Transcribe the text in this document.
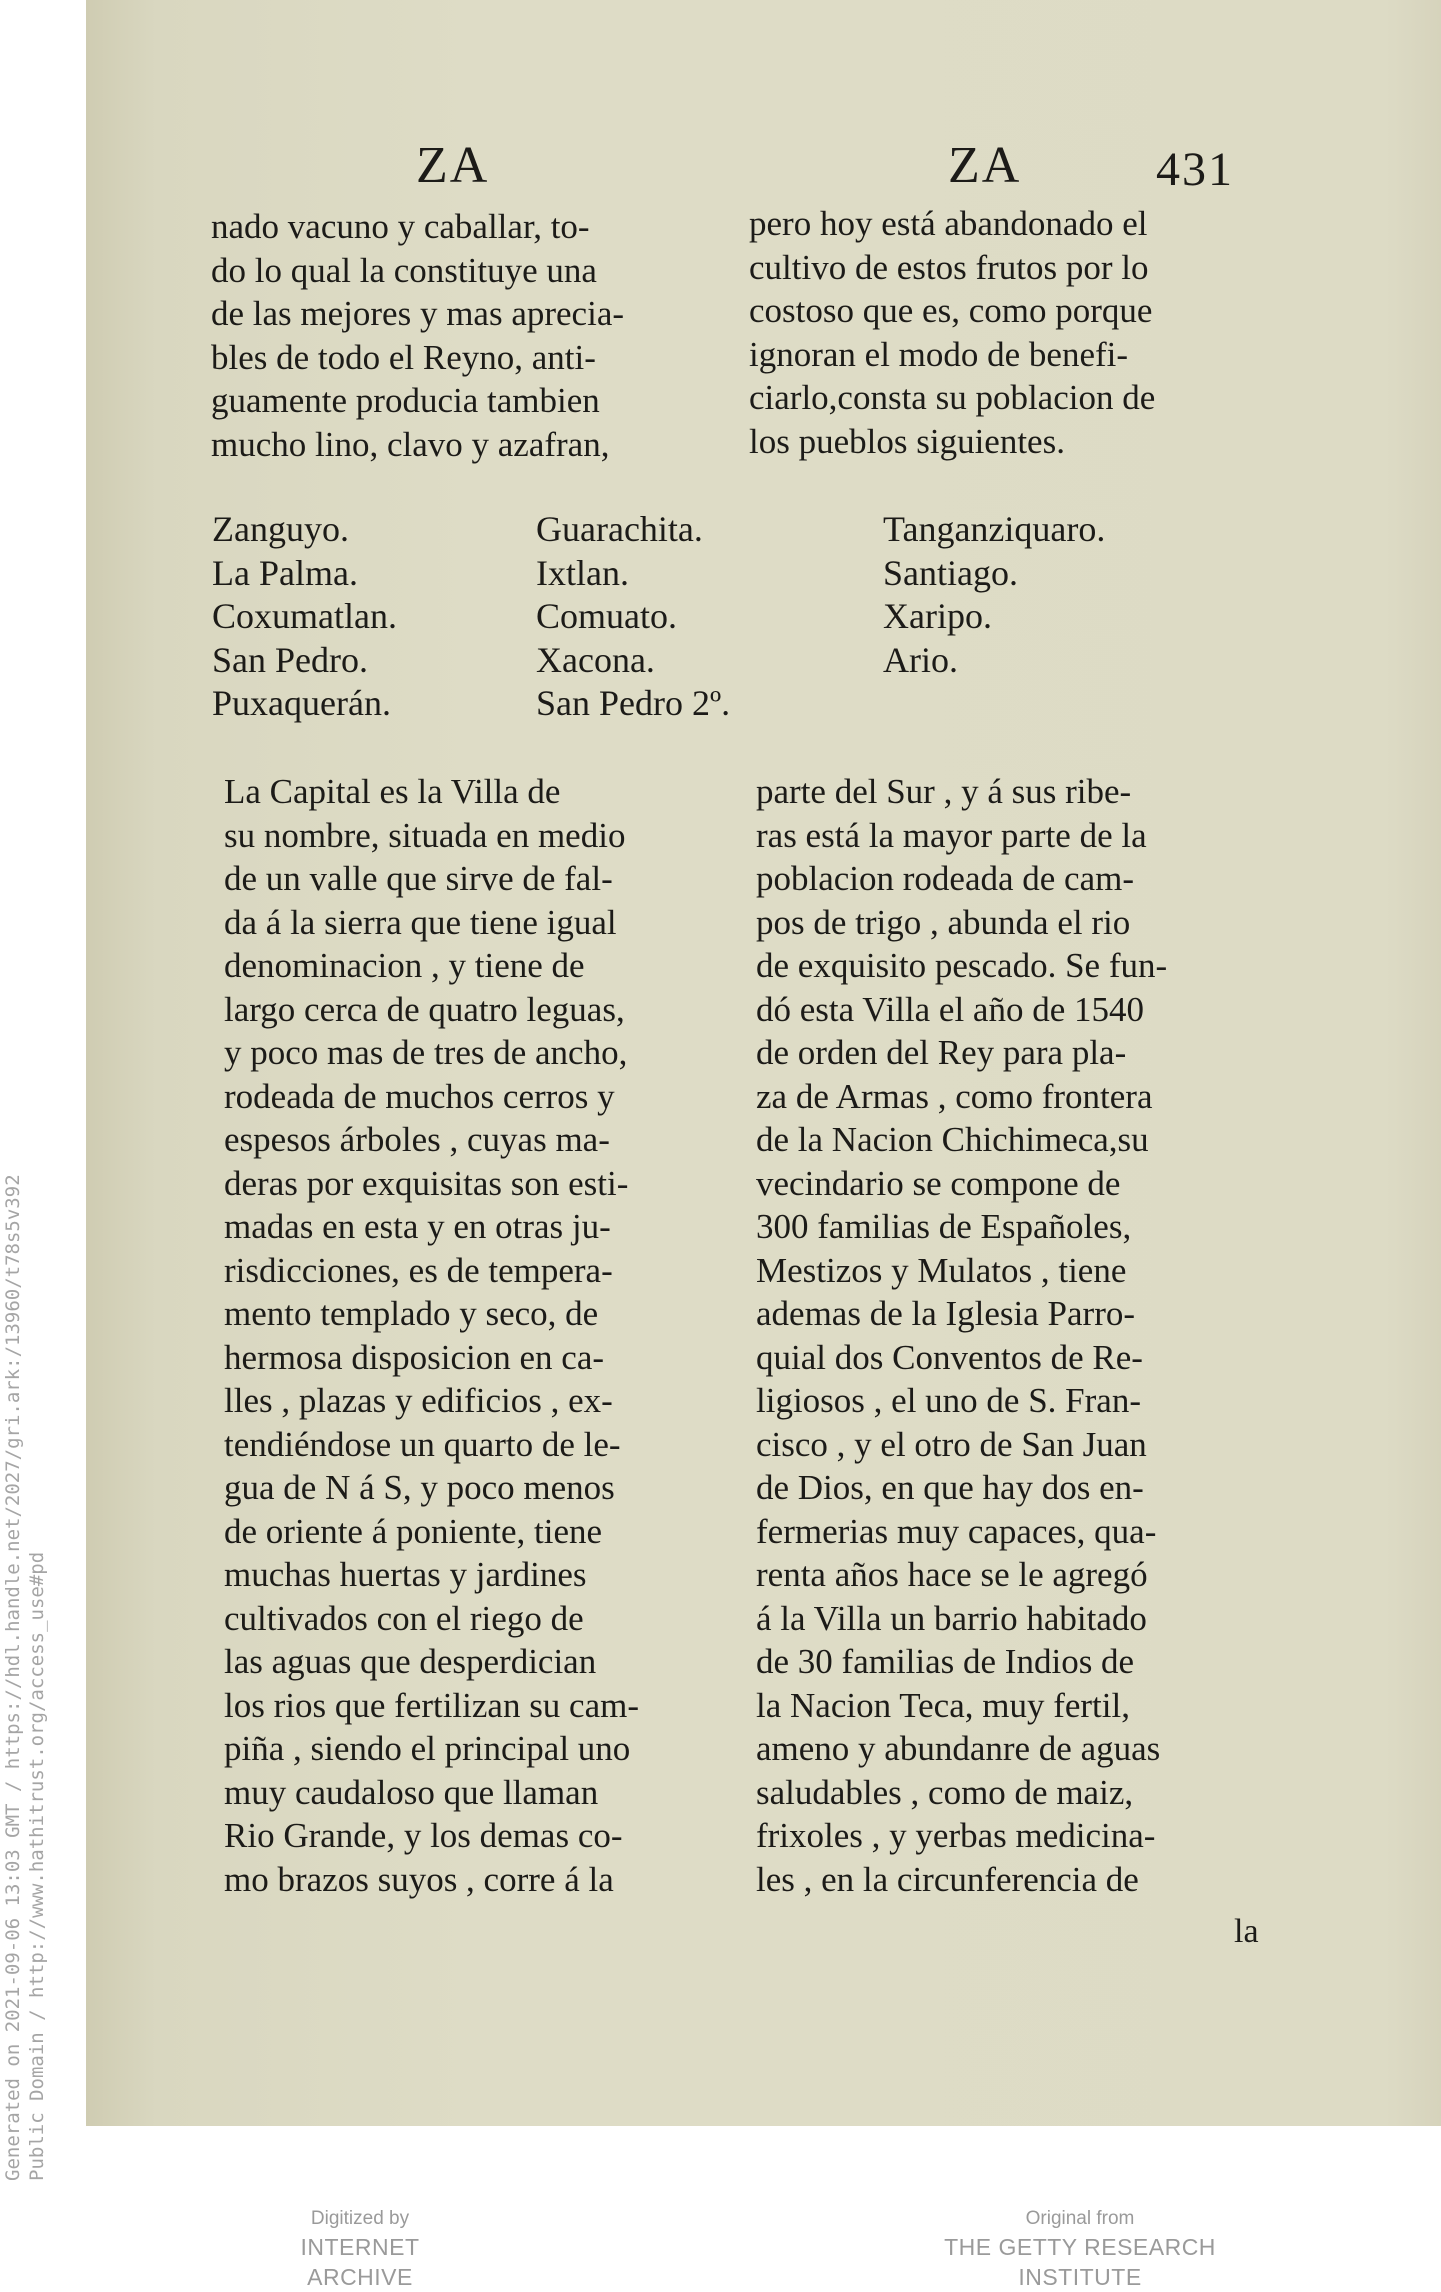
Generated on 2021-09-06 13:03 GMT / https://hdl.handle.net/2027/gri.ark:/13960/t78s5v392 Public Domain / http://www.hathitrust.org/access_use#pd
ZA	ZA	431
nado vacuno y caballar, to-
do lo qual la constituye una
de las mejores y mas apreciа-
bles de todo el Reyno, anti-
guamente producia tambien
mucho lino, clavo y azafran,
pero hoy está abandonado el
cultivo de estos frutos por lo
costoso que es, como porque
ignoran el modo de benefi-
ciarlo,consta su poblacion de
los pueblos siguientes.
Zanguyo.
La Palma.
Coxumatlan.
San Pedro.
Puxaquerán.
Guarachita.
Ixtlan.
Comuato.
Xacona.
San Pedro 2º.
Tanganziquaro.
Santiago.
Xaripo.
Ario.
La Capital es la Villa de
su nombre, situada en medio
de un valle que sirve de fal-
da á la sierra que tiene igual
denominacion , y tiene de
largo cerca de quatro leguas,
y poco mas de tres de ancho,
rodeada de muchos cerros y
espesos árboles , cuyas ma-
deras por exquisitas son esti-
madas en esta y en otras ju-
risdicciones, es de tempera-
mento templado y seco, de
hermosa disposicion en ca-
lles , plazas y edificios , ex-
tendiéndose un quarto de le-
gua de N á S, y poco menos
de oriente á poniente, tiene
muchas huertas y jardines
cultivados con el riego de
las aguas que desperdician
los rios que fertilizan su cam-
piña , siendo el principal uno
muy caudaloso que llaman
Rio Grande, y los demas co-
mo brazos suyos , corre á la
parte del Sur , y á sus ribe-
ras está la mayor parte de la
poblacion rodeada de cam-
pos de trigo , abunda el rio
de exquisito pescado. Se fun-
dó esta Villa el año de 1540
de orden del Rey para pla-
za de Armas , como frontera
de la Nacion Chichimeca,su
vecindario se compone de
300 familias de Españoles,
Mestizos y Mulatos , tiene
ademas de la Iglesia Parro-
quial dos Conventos de Re-
ligiosos , el uno de S. Fran-
cisco , y el otro de San Juan
de Dios, en que hay dos en-
fermerias muy capaces, qua-
renta años hace se le agregó
á la Villa un barrio habitado
de 30 familias de Indios de
la Nacion Teca, muy fertil,
ameno y abundanre de aguas
saludables , como de maiz,
frixoles , y yerbas medicina-
les , en la circunferencia de
la
Digitized by
INTERNET ARCHIVE
Original from
THE GETTY RESEARCH INSTITUTE
